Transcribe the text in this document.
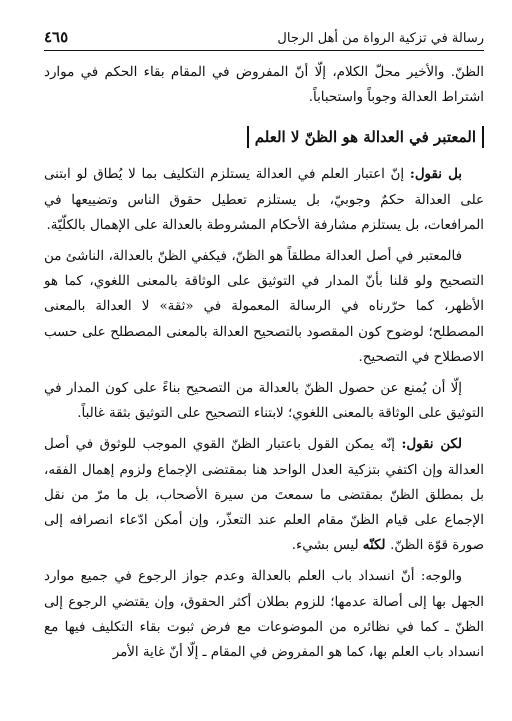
٤٦٥	رسالة في تزكية الرواة من أهل الرجال

الظنّ. والأخير محلّ الكلام، إلّا أنّ المفروض في المقام بقاء الحكم في موارد اشتراط العدالة وجوباً واستحباباً.

المعتبر في العدالة هو الظنّ لا العلم

بل نقول: إنّ اعتبار العلم في العدالة يستلزم التكليف بما لا يُطاق لو ابتنى على العدالة حكمٌ وجوبيّ، بل يستلزم تعطيل حقوق الناس وتضييعها في المرافعات، بل يستلزم مشارفة الأحكام المشروطة بالعدالة على الإهمال بالكلّيّة.

فالمعتبر في أصل العدالة مطلقاً هو الظنّ، فيكفي الظنّ بالعدالة، الناشئ من التصحيح ولو قلنا بأنّ المدار في التوثيق على الوثاقة بالمعنى اللغوي، كما هو الأظهر، كما حرّرناه في الرسالة المعمولة في «ثقة» لا العدالة بالمعنى المصطلح؛ لوضوح كون المقصود بالتصحيح العدالة بالمعنى المصطلح على حسب الاصطلاح في التصحيح.

إلّا أن يُمنع عن حصول الظنّ بالعدالة من التصحيح بناءً على كون المدار في التوثيق على الوثاقة بالمعنى اللغوي؛ لابتناء التصحيح على التوثيق بثقة غالباً.

لكن نقول: إنّه يمكن القول باعتبار الظنّ القوي الموجب للوثوق في أصل العدالة وإن اكتفي بتزكية العدل الواحد هنا بمقتضى الإجماع ولزوم إهمال الفقه، بل بمطلق الظنّ بمقتضى ما سمعتَ من سيرة الأصحاب، بل ما مرّ من نقل الإجماع على قيام الظنّ مقام العلم عند التعذّر، وإن أمكن ادّعاء انصرافه إلى صورة قوّة الظنّ. لكنّه ليس بشيء.

والوجه: أنّ انسداد باب العلم بالعدالة وعدم جواز الرجوع في جميع موارد الجهل بها إلى أصالة عدمها؛ للزوم بطلان أكثر الحقوق، وإن يقتضي الرجوع إلى الظنّ ـ كما في نظائره من الموضوعات مع فرض ثبوت بقاء التكليف فيها مع انسداد باب العلم بها، كما هو المفروض في المقام ـ إلّا أنّ غاية الأمر
